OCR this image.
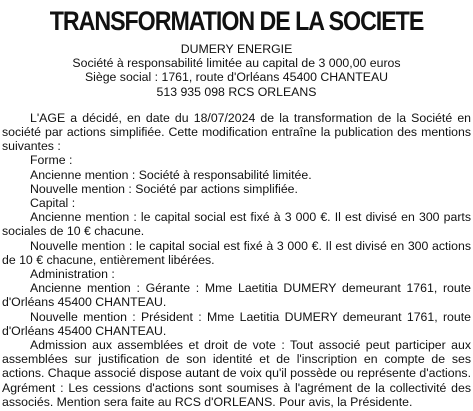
TRANSFORMATION DE LA SOCIETE
DUMERY ENERGIE
Société à responsabilité limitée au capital de 3 000,00 euros
Siège social : 1761, route d'Orléans 45400 CHANTEAU
513 935 098 RCS ORLEANS

L'AGE a décidé, en date du 18/07/2024 de la transformation de la Société en société par actions simplifiée. Cette modification entraîne la publication des mentions suivantes :

Forme :

Ancienne mention : Société à responsabilité limitée.

Nouvelle mention : Société par actions simplifiée.

Capital :

Ancienne mention : le capital social est fixé à 3 000 €. Il est divisé en 300 parts sociales de 10 € chacune.

Nouvelle mention : le capital social est fixé à 3 000 €. Il est divisé en 300 actions de 10 € chacune, entièrement libérées.

Administration :

Ancienne mention : Gérante : Mme Laetitia DUMERY demeurant 1761, route d'Orléans 45400 CHANTEAU.

Nouvelle mention : Président : Mme Laetitia DUMERY demeurant 1761, route d'Orléans 45400 CHANTEAU.

Admission aux assemblées et droit de vote : Tout associé peut participer aux assemblées sur justification de son identité et de l'inscription en compte de ses actions. Chaque associé dispose autant de voix qu'il possède ou représente d'actions. Agrément : Les cessions d'actions sont soumises à l'agrément de la collectivité des associés. Mention sera faite au RCS d'ORLEANS. Pour avis, la Présidente.
